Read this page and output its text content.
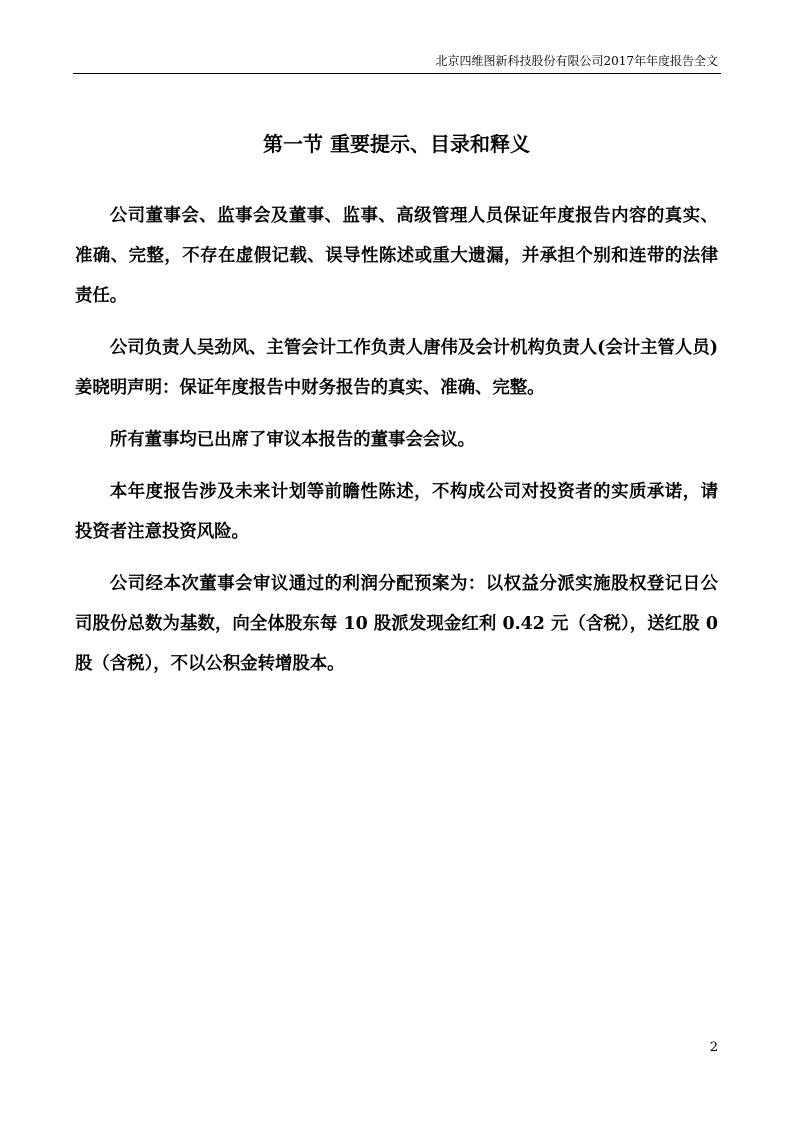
北京四维图新科技股份有限公司2017年年度报告全文
第一节 重要提示、目录和释义

公司董事会、监事会及董事、监事、高级管理人员保证年度报告内容的真实、准确、完整，不存在虚假记载、误导性陈述或重大遗漏，并承担个别和连带的法律责任。

公司负责人吴劲风、主管会计工作负责人唐伟及会计机构负责人(会计主管人员)姜晓明声明：保证年度报告中财务报告的真实、准确、完整。

所有董事均已出席了审议本报告的董事会会议。

本年度报告涉及未来计划等前瞻性陈述，不构成公司对投资者的实质承诺，请投资者注意投资风险。

公司经本次董事会审议通过的利润分配预案为：以权益分派实施股权登记日公司股份总数为基数，向全体股东每 10 股派发现金红利 0.42 元（含税），送红股 0 股（含税），不以公积金转增股本。

2
